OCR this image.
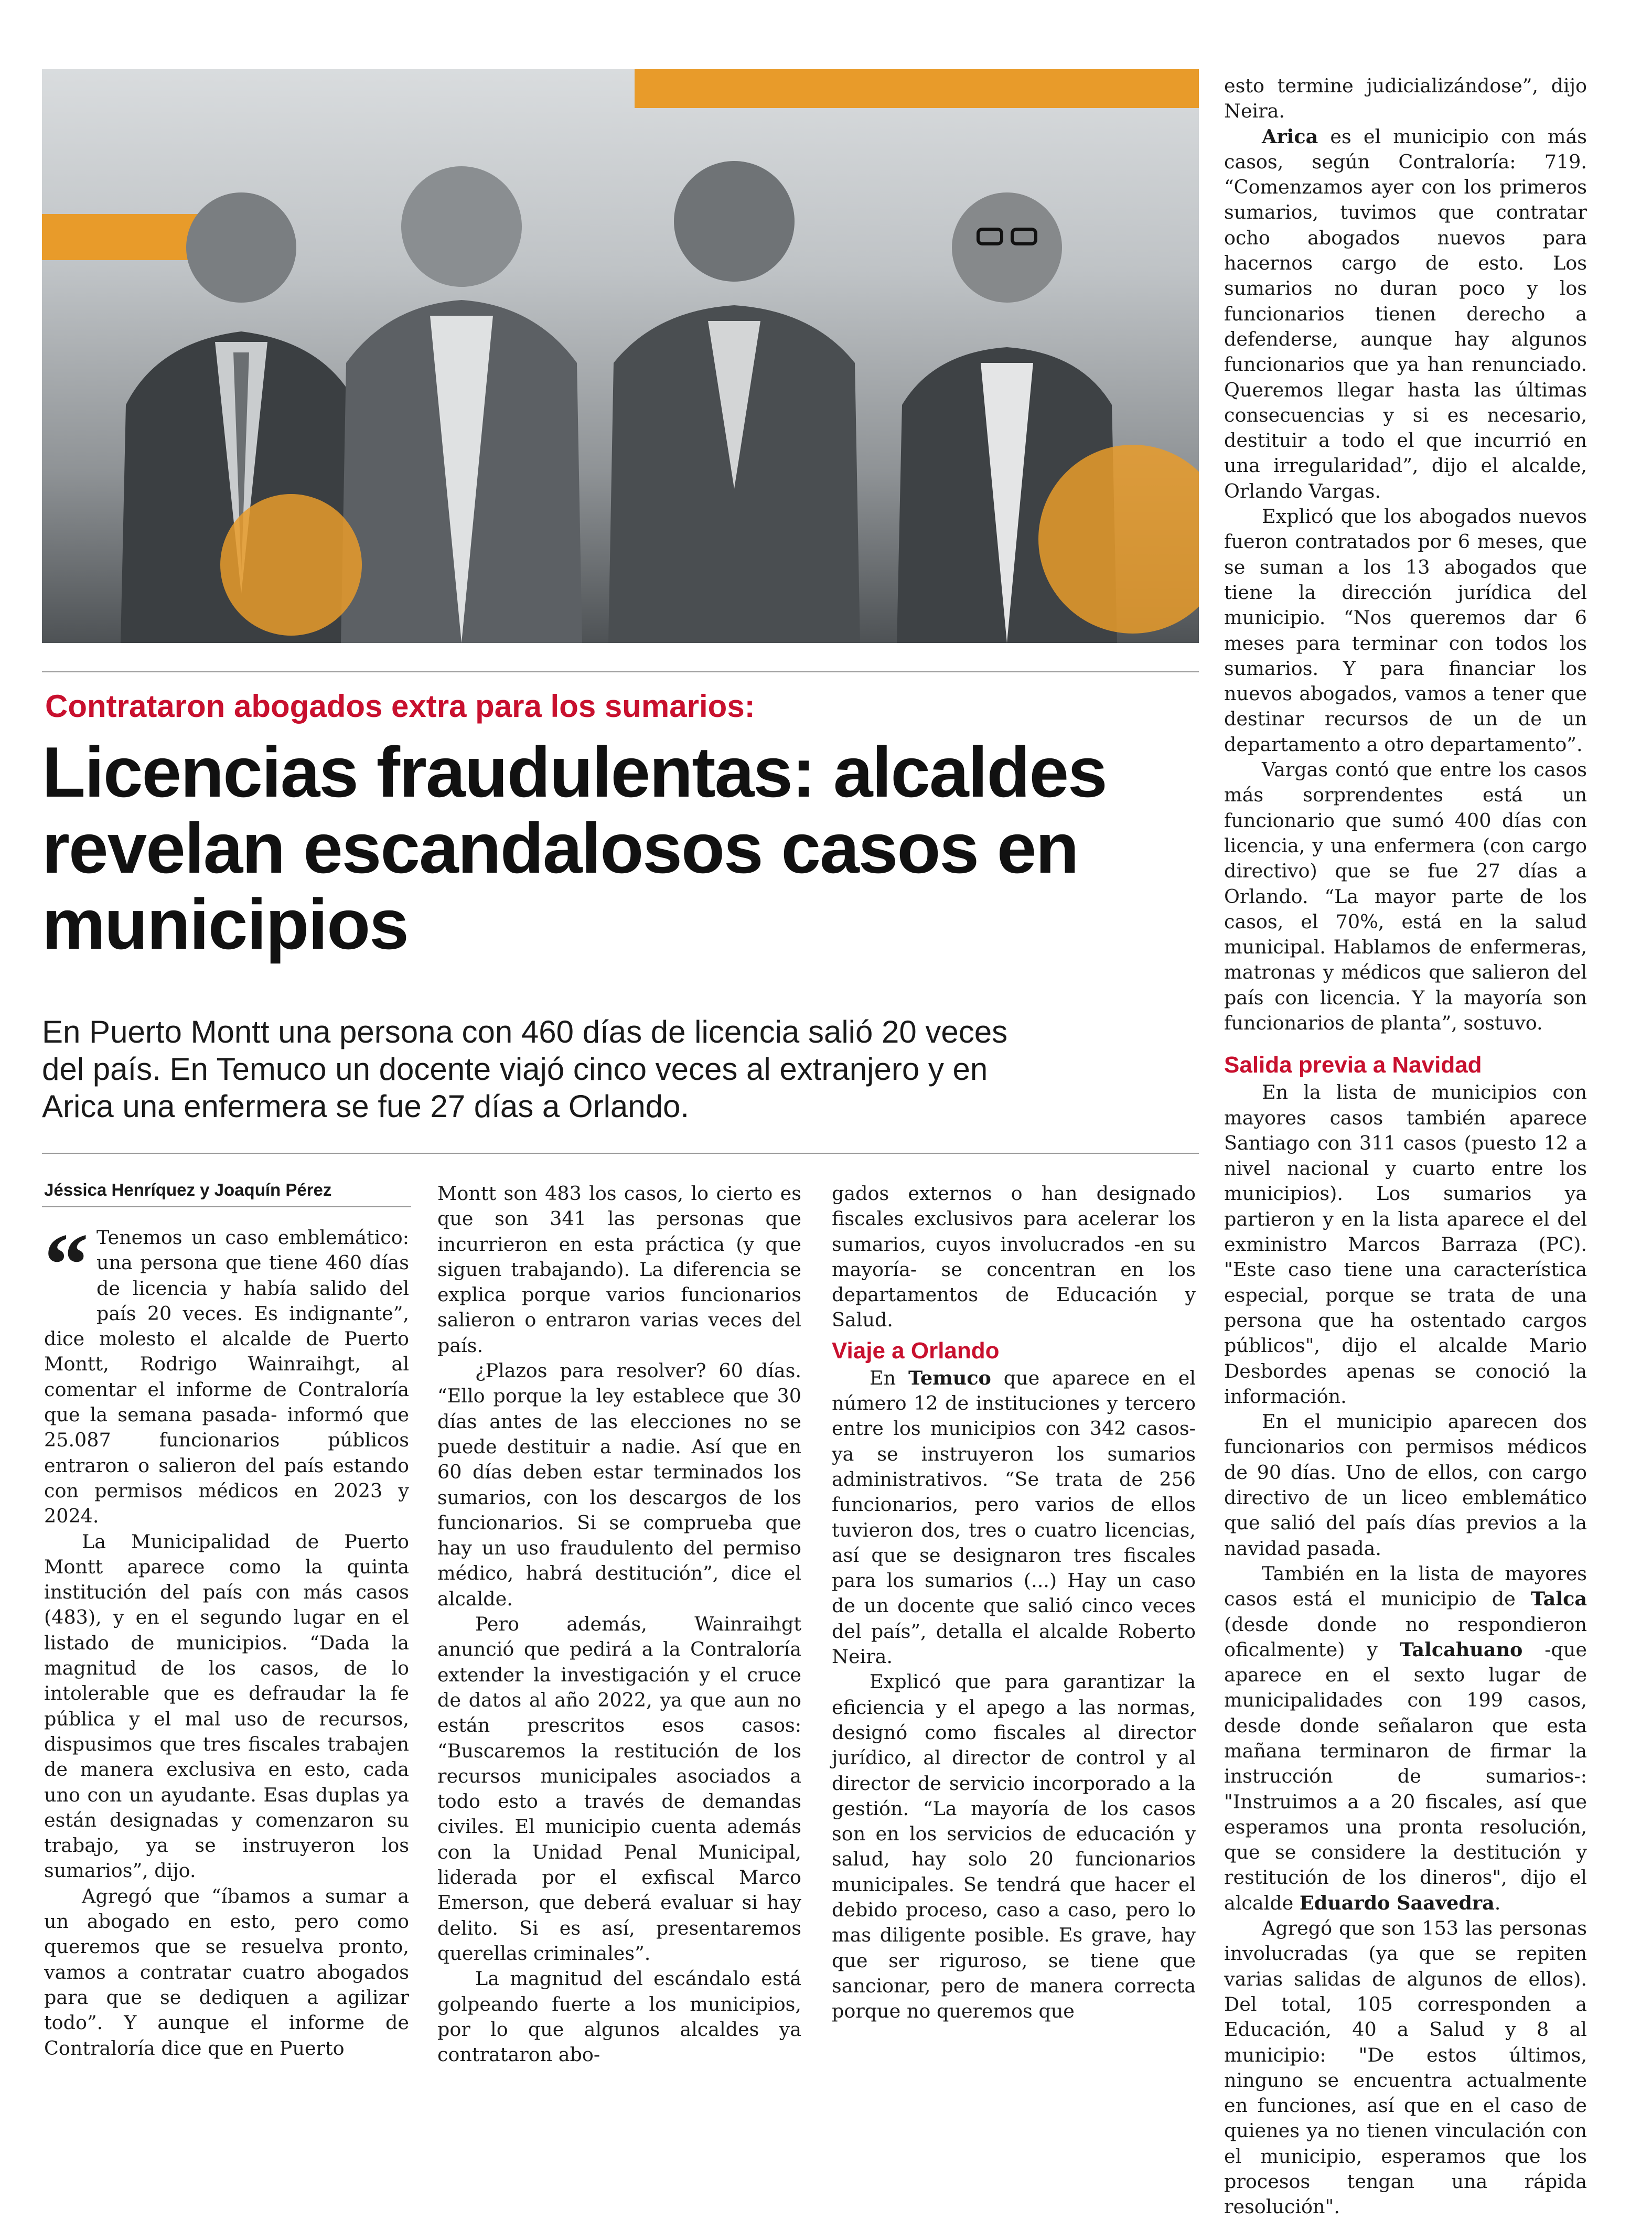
Contrataron abogados extra para los sumarios:
Licencias fraudulentas: alcaldes
revelan escandalosos casos en
municipios
En Puerto Montt una persona con 460 días de licencia salió 20 veces
del país. En Temuco un docente viajó cinco veces al extranjero y en
Arica una enfermera se fue 27 días a Orlando.
Jéssica Henríquez y Joaquín Pérez
“ Tenemos un caso emblemático: una persona que tiene 460 días de licencia y había salido del país 20 veces. Es indignante”, dice molesto el alcalde de Puerto Montt, Rodrigo Wainraihgt, al comentar el informe de Contraloría que la semana pasada- informó que 25.087 funcionarios públicos entraron o salieron del país estando con permisos médicos en 2023 y 2024.

La Municipalidad de Puerto Montt aparece como la quinta institución del país con más casos (483), y en el segundo lugar en el listado de municipios. “Dada la magnitud de los casos, de lo intolerable que es defraudar la fe pública y el mal uso de recursos, dispusimos que tres fiscales trabajen de manera exclusiva en esto, cada uno con un ayudante. Esas duplas ya están designadas y comenzaron su trabajo, ya se instruyeron los sumarios”, dijo.

Agregó que “íbamos a sumar a un abogado en esto, pero como queremos que se resuelva pronto, vamos a contratar cuatro abogados para que se dediquen a agilizar todo”. Y aunque el informe de Contraloría dice que en Puerto

Montt son 483 los casos, lo cierto es que son 341 las personas que incurrieron en esta práctica (y que siguen trabajando). La diferencia se explica porque varios funcionarios salieron o entraron varias veces del país.

¿Plazos para resolver? 60 días. “Ello porque la ley establece que 30 días antes de las elecciones no se puede destituir a nadie. Así que en 60 días deben estar terminados los sumarios, con los descargos de los funcionarios. Si se comprueba que hay un uso fraudulento del permiso médico, habrá destitución”, dice el alcalde.

Pero además, Wainraihgt anunció que pedirá a la Contraloría extender la investigación y el cruce de datos al año 2022, ya que aun no están prescritos esos casos: “Buscaremos la restitución de los recursos municipales asociados a todo esto a través de demandas civiles. El municipio cuenta además con la Unidad Penal Municipal, liderada por el exfiscal Marco Emerson, que deberá evaluar si hay delito. Si es así, presentaremos querellas criminales”.

La magnitud del escándalo está golpeando fuerte a los municipios, por lo que algunos alcaldes ya contrataron abo-

gados externos o han designado fiscales exclusivos para acelerar los sumarios, cuyos involucrados -en su mayoría- se concentran en los departamentos de Educación y Salud.

Viaje a Orlando

En Temuco que aparece en el número 12 de instituciones y tercero entre los municipios con 342 casos- ya se instruyeron los sumarios administrativos. “Se trata de 256 funcionarios, pero varios de ellos tuvieron dos, tres o cuatro licencias, así que se designaron tres fiscales para los sumarios (...) Hay un caso de un docente que salió cinco veces del país”, detalla el alcalde Roberto Neira.

Explicó que para garantizar la eficiencia y el apego a las normas, designó como fiscales al director jurídico, al director de control y al director de servicio incorporado a la gestión. “La mayoría de los casos son en los servicios de educación y salud, hay solo 20 funcionarios municipales. Se tendrá que hacer el debido proceso, caso a caso, pero lo mas diligente posible. Es grave, hay que ser riguroso, se tiene que sancionar, pero de manera correcta porque no queremos que

esto termine judicializándose”, dijo Neira.

Arica es el municipio con más casos, según Contraloría: 719. “Comenzamos ayer con los primeros sumarios, tuvimos que contratar ocho abogados nuevos para hacernos cargo de esto. Los sumarios no duran poco y los funcionarios tienen derecho a defenderse, aunque hay algunos funcionarios que ya han renunciado. Queremos llegar hasta las últimas consecuencias y si es necesario, destituir a todo el que incurrió en una irregularidad”, dijo el alcalde, Orlando Vargas.

Explicó que los abogados nuevos fueron contratados por 6 meses, que se suman a los 13 abogados que tiene la dirección jurídica del municipio. “Nos queremos dar 6 meses para terminar con todos los sumarios. Y para financiar los nuevos abogados, vamos a tener que destinar recursos de un de un departamento a otro departamento”.

Vargas contó que entre los casos más sorprendentes está un funcionario que sumó 400 días con licencia, y una enfermera (con cargo directivo) que se fue 27 días a Orlando. “La mayor parte de los casos, el 70%, está en la salud municipal. Hablamos de enfermeras, matronas y médicos que salieron del país con licencia. Y la mayoría son funcionarios de planta”, sostuvo.

Salida previa a Navidad

En la lista de municipios con mayores casos también aparece Santiago con 311 casos (puesto 12 a nivel nacional y cuarto entre los municipios). Los sumarios ya partieron y en la lista aparece el del exministro Marcos Barraza (PC). "Este caso tiene una característica especial, porque se trata de una persona que ha ostentado cargos públicos", dijo el alcalde Mario Desbordes apenas se conoció la información.

En el municipio aparecen dos funcionarios con permisos médicos de 90 días. Uno de ellos, con cargo directivo de un liceo emblemático que salió del país días previos a la navidad pasada.

También en la lista de mayores casos está el municipio de Talca (desde donde no respondieron oficalmente) y Talcahuano -que aparece en el sexto lugar de municipalidades con 199 casos, desde donde señalaron que esta mañana terminaron de firmar la instrucción de sumarios-: "Instruimos a a 20 fiscales, así que esperamos una pronta resolución, que se considere la destitución y restitución de los dineros", dijo el alcalde Eduardo Saavedra.

Agregó que son 153 las personas involucradas (ya que se repiten varias salidas de algunos de ellos). Del total, 105 corresponden a Educación, 40 a Salud y 8 al municipio: "De estos últimos, ninguno se encuentra actualmente en funciones, así que en el caso de quienes ya no tienen vinculación con el municipio, esperamos que los procesos tengan una rápida resolución".
